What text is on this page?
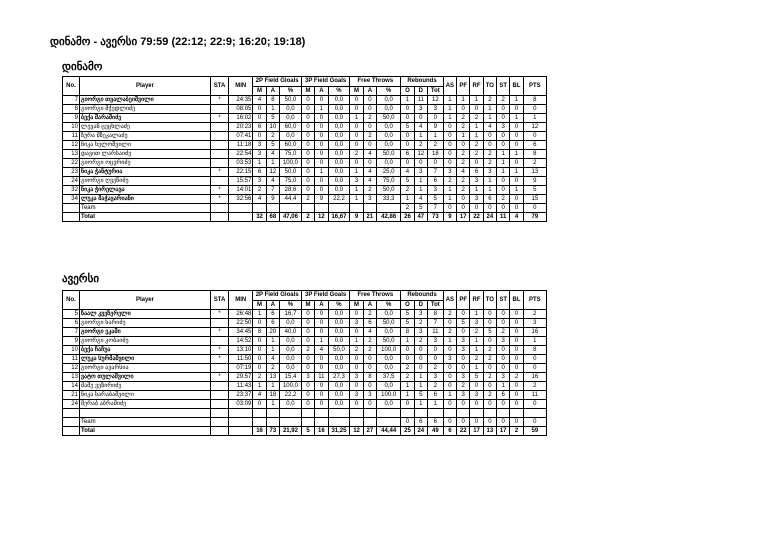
დინამო - ავერსი 79:59 (22:12; 22:9; 16:20; 19:18)
დინამო
No.	Player	STA	MIN	2P Field Gloals			3P Field Goals			Free Throws			Rebounds			AS	PF	RF	TO	ST	BL	PTS
				M	A	%	M	A	%	M	A	%	O	D	Tot							
7	გიორგი თვალაბეიშვილი	*	24:35	4	8	50,0	0	0	0,0	0	0	0,0	1	11	12	1	1	1	2	2	1	8
8	გიორგი მჭედლიძე		08:05	0	1	0,0	0	1	0,0	0	0	0,0	0	3	3	1	0	0	1	0	0	0
9	ბექა შარაშიძე	*	16:02	0	5	0,0	0	0	0,0	1	2	50,0	0	0	0	1	2	2	1	0	1	1
10	ლევან ცეცხლაძე		20:23	6	10	60,0	0	0	0,0	0	0	0,0	5	4	9	0	2	1	4	3	0	12
11	ზურა მზეკალაძე		07:41	0	2	0,0	0	0	0,0	0	2	0,0	0	1	1	0	1	1	0	0	0	0
12	ნიკა ხელოშვილი		11:18	3	5	60,0	0	0	0,0	0	0	0,0	0	2	2	0	0	2	0	0	0	6
13	დავით ლარსაიძე		22:54	3	4	75,0	0	0	0,0	2	4	50,0	6	12	18	0	2	2	2	1	1	8
22	გიორგი ოცვრიძე		03:53	1	1	100,0	0	0	0,0	0	0	0,0	0	0	0	0	2	0	2	1	0	2
23	ნიკა ჭანტურია	*	22:15	6	12	50,0	0	1	0,0	1	4	25,0	4	3	7	3	4	6	3	1	1	13
24	გიორგი ღვეწიძე		15:57	3	4	75,0	0	0	0,0	3	4	75,0	5	1	6	2	2	3	1	0	0	9
32	ნიკა ჭირელავა	*	14:01	2	7	28,6	0	0	0,0	1	2	50,0	2	1	3	1	2	1	1	0	1	5
34	ლუკა მაჭავარიანი	*	32:56	4	9	44,4	2	9	22,2	1	3	33,3	1	4	5	1	0	3	6	2	0	15
	Team												2	5	7	0	0	0	0	0	0	0
	Total			32	68	47,06	2	12	16,67	9	21	42,86	26	47	73	9	17	22	24	11	4	79
ავერსი
No.	Player	STA	MIN	2P Field Gloals			3P Field Goals			Free Throws			Rebounds			AS	PF	RF	TO	ST	BL	PTS
				M	A	%	M	A	%	M	A	%	O	D	Tot							
5	ზაალ კვეზერელი	*	26:48	1	6	16,7	0	0	0,0	0	2	0,0	5	3	8	2	0	1	0	0	0	2
6	გიორგი ხარიძე		22:50	0	6	0,0	0	0	0,0	3	6	50,0	5	2	7	0	5	3	0	0	0	3
7	გიორგი ეკაში	*	34:45	8	20	40,0	0	0	0,0	0	4	0,0	8	3	11	2	0	2	5	2	0	16
9	გიორგი კობაიძე		14:52	0	1	0,0	0	1	0,0	1	2	50,0	1	2	3	1	3	1	0	3	0	1
10	ბექა ჩაჩუა	*	13:10	0	1	0,0	2	4	50,0	2	2	100,0	0	0	0	0	3	1	2	0	0	8
11	ლუკა სურმაშვილი	*	11:50	0	4	0,0	0	0	0,0	0	0	0,0	0	0	0	3	0	2	2	0	0	0
12	გიორგი ავარსია		07:19	0	2	0,0	0	0	0,0	0	0	0,0	2	0	2	0	0	1	0	0	0	0
13	ვატო თულაშვილი	*	29:57	2	13	15,4	3	11	27,3	3	8	37,5	2	1	3	0	3	5	2	3	2	16
14	მამუ ვეზირიძე		11:43	1	1	100,0	0	0	0,0	0	0	0,0	1	1	2	0	2	0	0	1	0	2
21	ნიკა ხარაბაშვილი		23:37	4	18	22,2	0	0	0,0	3	3	100,0	1	5	6	1	3	3	2	6	0	11
24	მერაბ აბრამიძე		03:09	0	1	0,0	0	0	0,0	0	0	0,0	0	1	1	0	0	0	0	0	0	0

	Team												0	6	6	0	0	0	0	0	0	0
	Total			16	73	21,92	5	16	31,25	12	27	44,44	25	24	49	6	22	17	13	17	2	59
